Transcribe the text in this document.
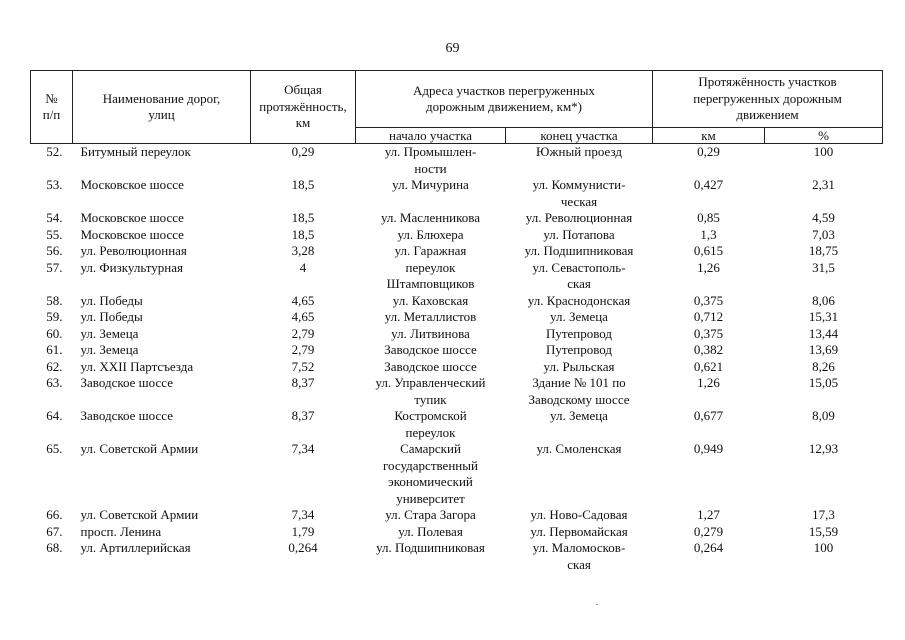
69
№
п/п	Наименование дорог,
улиц	Общая
протяжённость,
км	Адреса участков перегруженных
дорожным движением, км*)		Протяжённость участков
перегруженных дорожным
движением	

			начало участка	конец участка	км	%
52.	Битумный переулок	0,29	ул. Промышлен-
ности	Южный проезд	0,29	100
53.	Московское шоссе	18,5	ул. Мичурина	ул. Коммунисти-
ческая	0,427	2,31
54.	Московское шоссе	18,5	ул. Масленникова	ул. Революционная	0,85	4,59
55.	Московское шоссе	18,5	ул. Блюхера	ул. Потапова	1,3	7,03
56.	ул. Революционная	3,28	ул. Гаражная	ул. Подшипниковая	0,615	18,75
57.	ул. Физкультурная	4	переулок
Штамповщиков	ул. Севастополь-
ская	1,26	31,5
58.	ул. Победы	4,65	ул. Каховская	ул. Краснодонская	0,375	8,06
59.	ул. Победы	4,65	ул. Металлистов	ул. Земеца	0,712	15,31
60.	ул. Земеца	2,79	ул. Литвинова	Путепровод	0,375	13,44
61.	ул. Земеца	2,79	Заводское шоссе	Путепровод	0,382	13,69
62.	ул. XXII Партсъезда	7,52	Заводское шоссе	ул. Рыльская	0,621	8,26
63.	Заводское шоссе	8,37	ул. Управленческий
тупик	Здание № 101 по
Заводскому шоссе	1,26	15,05
64.	Заводское шоссе	8,37	Костромской
переулок	ул. Земеца	0,677	8,09
65.	ул. Советской Армии	7,34	Самарский
государственный
экономический
университет	ул. Смоленская	0,949	12,93
66.	ул. Советской Армии	7,34	ул. Стара Загора	ул. Ново-Садовая	1,27	17,3
67.	просп. Ленина	1,79	ул. Полевая	ул. Первомайская	0,279	15,59
68.	ул. Артиллерийская	0,264	ул. Подшипниковая	ул. Маломосков-
ская	0,264	100
